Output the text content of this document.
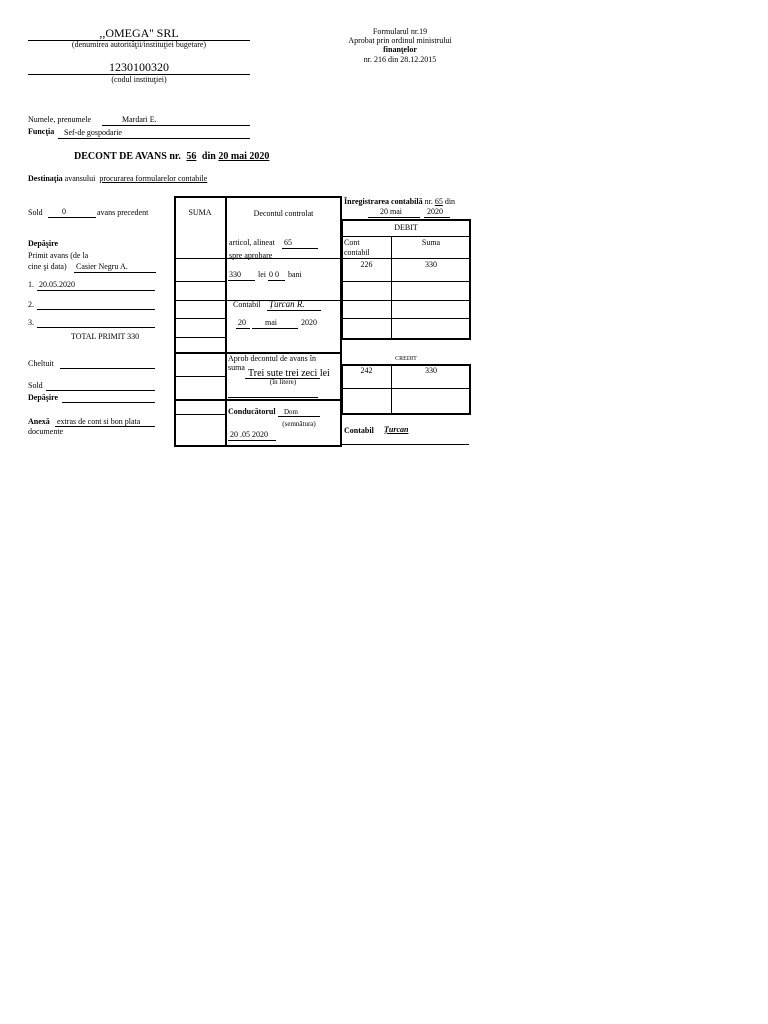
,,OMEGA'' SRL
(denumirea autorităţii/instituţiei bugetare)
1230100320
(codul instituţiei)
Formularul nr.19
Aprobat prin ordinul ministrului
finanţelor
nr. 216 din 28.12.2015
Numele, prenumele	Mardari E.
Funcţia Sef-de gospodarie
DECONT DE AVANS nr. 56 din 20 mai 2020
Destinaţia avansului procurarea formularelor contabile
Sold	0	avans precedent
Depăşire
Primit avans (de la
cine şi data) Casier Negru A.
1. 20.05.2020
2.
3.
TOTAL PRIMIT 330
Cheltuit
Sold
Depăşire
Anexă extras de cont si bon plata
documente
SUMA	Decontul controlat
articol, alineat 65
spre aprobare
330 lei 0 0 bani
Contabil Țurcan R.
20 mai	2020
Aprob decontul de avans în
suma
Trei sute trei zeci lei
(în litere)
Conducătorul Dom
(semnătura)
20 .05 2020
Înregistrarea contabilă nr. 65 din
20 mai	2020
DEBIT
Cont
contabil
Suma
226	330
CREDIT
242	330
Contabil Țurcan
